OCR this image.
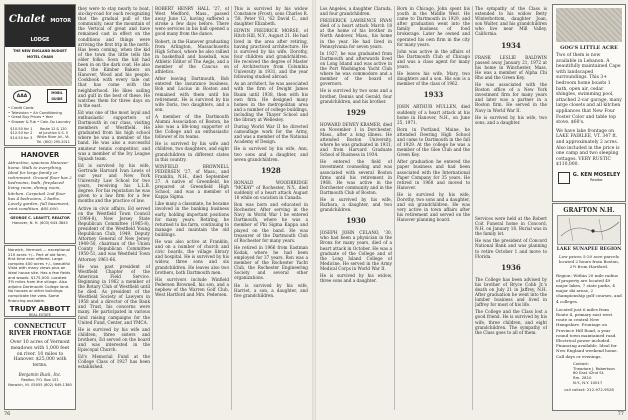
Chalet MOTOR LODGE
THE NEW ENGLAND BUDGET MOTEL CHAIN
AAA
MOBIL GUIDE
• Credit Cards
• Television • Air Conditioning
• Great Buy Prices • Year
• Shower & Tub • Coin-Op Laundry
$10.50 for 1
$12.50 for 2
$14.50 for 3
Route 12 & 120
at Junction U.S. 5
White River Jct., Vt.
Tel. (802) 295-2011
HANOVER
Attractive, spacious Hanover home. Walk to everything. Ideal for large family or retirement. Ground floor has 2 bedrooms, bath, fireplaced living room, dining room, kitchen. Carpeted 2nd floor has 4 bedrooms, 2 baths. Lovely garden, full basement, mint condition. $85,000.
GEORGE C. LEAVITT, REALTOR
Hanover, N. H. (603) 643-3845
Norwich, Vermont — exceptional 210 acres +/-. Part of old farm, first time ever offered. Large complex 400 acres +/-, beautiful Vista with many views plus an ideal house site. Has a few fields and woods. $175,000. Located 3½ miles from the village. Also adjoins Dartmouth College land. No houses or other buildings complicate the view. Some financing available.
TRUDY ABBOTT
REAL ESTATE
CONNECTICUT RIVER FRONTAGE
Over 10 acres of Vermont meadows with 1,000 feet on river. 10 miles to Hanover. $25,000 with terms.
Benjamin Buck, Inc.
Realtor, P.O. Box 151
Norwich, Vt. 05055 (802) 649-1380

they were to stay nearly to boat, six-day-road for each recognizing that the gradual pull of the community, near the mountain of the Vertical of great and have remained cast in effect on the conditions and things were arriving the first trip in the north. Has been coming, when the kid of the town the little tells the older folks. Soon the kid had been in on the dark coat. He also had the Kimber Bakers on Hanover, Wood and his people. Cookbook with every tale out that has come with the neighborhood. He likes sailing and gulf in the best of these. He watches them for three days on in the east.

Ed was one of the most loyal and enthusiastic supporters of Dartmouth in our class, visiting members of Westfield. He graduated from his high school where he was a member of the band. He was also a successful amateur tennis competitor, and was a member of the Ivy League Squash team.

Ed is survived by his wife, Gertrude Harvard Ivan Lewis of our year and New York University Law School for two years, receiving his L.L.B. degree. For his reputation he was given to a law firm for a few months and the practice of law.

Active in civic affairs, Ed served on the Westfield Town Council (1964-8), New Jersey State Republican Committee (1965-8), president of the Westfield Young Republican Club, 1949, Deputy Attorney General of New Jersey 1949-50, chairman of the Union County Republican Committee 1950-51, and was Westfield Town Attorney 1961-66.

He was past president of Westfield Chapter of the American Field Service. Beginning in 1962 a member of the Rotary Club of Westfield until he died. As president of the Westfield Society of Lawyers in 1958 and a director of the Bank and Trust, his concerns were many. He participated in various fund raising campaigns for the United Fund, Center, and YMCA.

He is survived by his wife and children, three sisters and brothers, Ed served on the board and was interested in the Episcopal Church.

Ed's Memorial Fund at the College Class of 1927 has been established.

ROBERT HENRY HALL '27, of West Medford, Mass., passed away June 12, having suffered a stroke a few days before. There were services in his hall opened a good many from the dance.

Robert, in the Hanover graduating from Arlington, Massachusetts High School, where he also rallied in basketball and baseball, was Athletic Editor of The Aegis, and a member of the Caucus on athletics.

After leaving Dartmouth, Bob entered the insurance business. Bob and Lucius in Boston and remained with them until his retirement. He is survived by his wife Doris, two daughters, and a son.

A member of the Dartmouth Alumni Association of Boston, he also was a life-long supporter of the College and an enthusiastic follower of its teams.

He is survived by his wife and children, two daughters, and eight grandchildren in different states in this country.

WINFIELD BROWNELL PEDERSEN '27, of Mass., and Franklin, N.H., died September 27. A native of Greenfield, he prepared at Greenfield High School, and was a member of Kappa Sigma.

Like many a classmate, he became involved in the banking business early, holding important positions for many years. Retiring, he returned to his farm, continuing to manage and maintain the old buildings.

He was also active at Franklin, and on a number of church and civic boards, the village library and hospital. He is survived by his widow, three sons and six grandchildren. He leaves also two brothers, both Dartmouth men.

His survivors include Winfield Pedersen Brownell, his son, and a nephew of the Warren Golf Club, West Hartford and Mrs. Pedersen.

This is survived by his widow Constance (Frost), sons Charles R. '58, Peter '61, '62 David C., and daughter Elizabeth.

EDWIN FREDRICK MORSE, of Hitch Hill, N.Y., August 21. He had lived in the area after retiring, having practiced architecture. He is survived by his wife, Dorothy, four children and grandchildren. He received the degree of Master of Architecture from Columbia University in 1931, and the year following studied abroad.

As an architect, he was associated with the firm of Dwight James Baum until 1938, then with his own firm. He designed many homes in the metropolitan area and a number of college buildings, including the Thayer School and the library at Wellesley.

During World War II he directed camouflage work for the Army, and was a member of the National Academy of Design.

He is survived by his wife, Ann, two sons and a daughter, and seven grandchildren.

1928

RONALD WOODBRIDGE "MCKAY" of Rochester, N.Y., died suddenly of a heart attack August 18 while on vacation in Canada.

Ron was born and educated in Rochester. After serving in the Navy in World War I he entered Dartmouth, where he was a member of Phi Sigma Kappa and played on the band. He was treasurer of the Dartmouth Club of Rochester for many years.

He retired in 1966 from Eastman Kodak, where he had been employed for 37 years. Ron was a member of the Rochester Yacht Club, the Rochester Engineering Society and several other organizations.

He is survived by his wife, Harriet, a son, a daughter, and five grandchildren.

76

Los Angeles, a daughter Claruda, and four grandchildren.

FREDERICK LAWRENCE RYAN died of a heart attack March 18 at the home of his brother in North Andover, Mass., his home in the year. He had lived in Pennsylvania for seven years.

In 1927, he was graduated from Dartmouth and afterwards lived on Long Island and was active in the Port Washington Yacht Club where he was commodore and a member of the board of governors.

He is survived by two sons and a brother, Dennis and Gerald, four grandchildren, and his brother.

1929

HOWARD DEWEY KRAMER, died on November 1 in Dorchester, Mass., after a long illness. He attended Boston University, where he was graduated in 1931, and from Harvard Graduate School of Business in 1934.

He entered the field of investment counseling and was associated with several Boston firms until his retirement in 1968. He was active in the Dorchester community and in the Dartmouth Club of Boston.

He is survived by his wife, Barbara, a daughter, and two grandchildren.

1930

JOSEPH JOHN CELANO, '30, who had been a physician in the Bronx for many years, died of a heart attack in October. He was a graduate of the College and of the Long Island College of Medicine. He served in the Army Medical Corps in World War II.

He is survived by his widow, three sons and a daughter.

Born in Chicago, John spent his youth in the Middle West. He came to Dartmouth in 1929, and after graduation went into the family business of food brokerage. Later he owned and operated his own firm in the city for many years.

John was active in the affairs of the Dartmouth Club of Chicago and was a class agent for many years.

He leaves his wife, Mary, two daughters and a son. His son is a member of the class of 1962.

1933

JOHN ARTHUR MULLEN, died suddenly of a heart attack at his home in Hanover, N.H., on June 25, 1971.

Born in Portland, Maine, he attended Deering High School and came to Dartmouth in the fall of 1929. At the college he was a member of the Glee Club and the Green Key.

After graduation he entered the paper business and had been associated with the International Paper Company for 35 years. He retired in 1968 and moved to Hanover.

He is survived by his wife, Dorothy, two sons and a daughter, and six grandchildren. He was very active in town affairs after his retirement and served on the Hanover planning board.

The sympathy of the Class is extended to his widow Betty Winterbottom, daughter Joan, son Walter, and his grandchildren who live near Mill Valley, California.

1934

FRANK LESLIE BALDWIN passed away January 21, 1972 at his home in Winchester, Mass. He was a member of Alpha Chi Rho and the Green Key.

He was associated with the Boston office of a New York investment firm for many years and later was a partner in a Boston firm. He served in the Navy in World War II.

He is survived by his wife, two sons, and a daughter.

Services were held at the Robert Coit Funeral home in Concord, N.H. on January 18. Burial was in the family lot.

He was the president of Concord National Bank and was planning to retire October 1 and move to Florida.

1936

The College has been advised by his brother of Bryce Cobb Jr.'s death on July 21 in Jaffrey, N.H. After graduation he went into the lumber business and lived in Jaffrey for most of his life.

The College and the Class lost a good friend. He is survived by his wife, three children, and eight grandchildren. The sympathy of the Class goes to all of them.

GOG'S LITTLE ACRE
Two of them is now available in Lebanon. A beautifully maintained Cape with landscaped surroundings. This 3+ bedroom home boasts 1 bath, open air, cedar shingles, swimming pool, attached 2-car garage, many large closets and all kitchen appliances that New Four Foster Color and table top stove. $60's.
We have lake frontage on LAKE FAIRLEE, VT. 347 ft. and approximately 2 acres. Also included in the price is one camp and two sleeping cottages. VERY RUSTIC $110,000.
G. KEN MOSELEY
Realtor
GRAFTON N.H.
LAKE SUNAPEE REGION
Low prices 5-20 acre parcels located 2 hours from Boston, 2½ from Hartford.
Region: Within 20 mile radius of property are located 49 major lakes, 7 state parks, 4 major ski areas, 2 championship golf courses, and 4 colleges.
Located just 6 miles from Route 4, primary east west route in central New Hampshire. Frontage on Province Hill Road, a year round town maintained road. Electrical power included. Financing available. Ideal for New England weekend home. Call days or evenings.
Contact:
Theodore J. Robertson
60 East 42nd St.
Rm. 2810
N.Y., N.Y. 10017
call collect: 212-972-9528
77
